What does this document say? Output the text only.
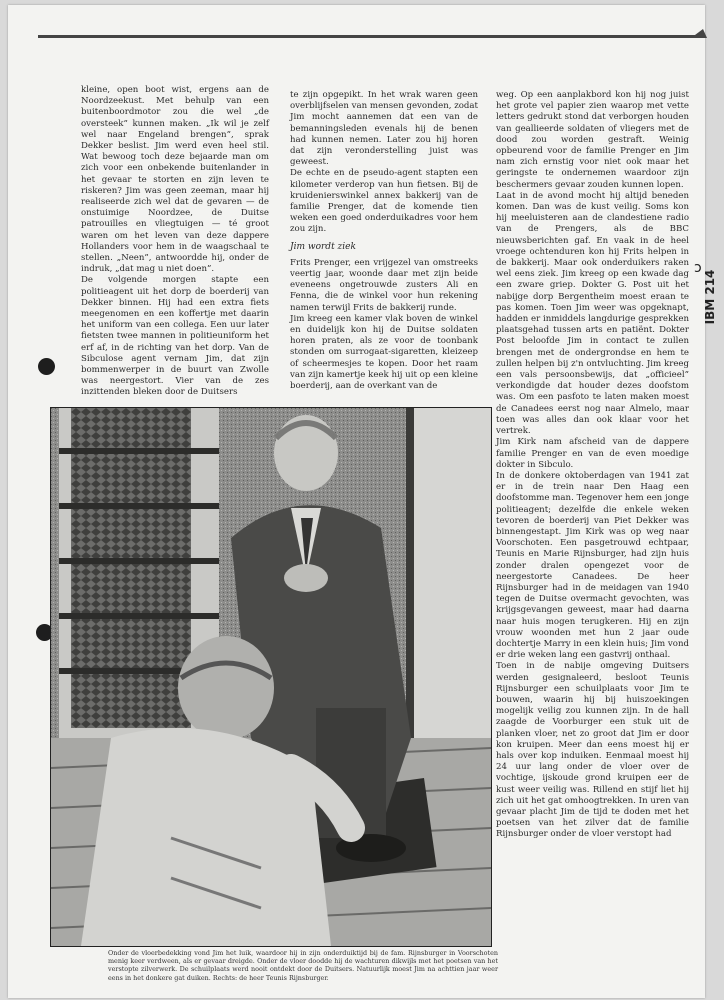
ↄ
IBM 214

kleine, open boot wist, ergens aan de Noordzeekust. Met behulp van een buitenboordmotor zou die wel „de oversteek” kunnen maken. „Ik wil je zelf wel naar Engeland brengen”, sprak Dekker beslist. Jim werd even heel stil. Wat bewoog toch deze bejaarde man om zich voor een onbekende buitenlander in het gevaar te storten en zijn leven te riskeren? Jim was geen zeeman, maar hij realiseerde zich wel dat de gevaren — de onstuimige Noordzee, de Duitse patrouilles en vliegtuigen — té groot waren om het leven van deze dappere Hollanders voor hem in de waagschaal te stellen. „Neen”, antwoordde hij, onder de indruk, „dat mag u niet doen”.
De volgende morgen stapte een politieagent uit het dorp de boerderij van Dekker binnen. Hij had een extra fiets meegenomen en een koffertje met daarin het uniform van een collega. Een uur later fietsten twee mannen in politieuniform het erf af, in de richting van het dorp. Van de Sibculose agent vernam Jim, dat zijn bommenwerper in de buurt van Zwolle was neergestort. Vier van de zes inzittenden bleken door de Duitsers

te zijn opgepikt. In het wrak waren geen overblijfselen van mensen gevonden, zodat Jim mocht aannemen dat een van de bemanningsleden evenals hij de benen had kunnen nemen. Later zou hij horen dat zijn veronderstelling juist was geweest.
De echte en de pseudo-agent stapten een kilometer verderop van hun fietsen. Bij de kruidenierswinkel annex bakkerij van de familie Prenger, dat de komende tien weken een goed onderduikadres voor hem zou zijn.

Jim wordt ziek

Frits Prenger, een vrijgezel van omstreeks veertig jaar, woonde daar met zijn beide eveneens ongetrouwde zusters Ali en Fenna, die de winkel voor hun rekening namen terwijl Frits de bakkerij runde.
Jim kreeg een kamer vlak boven de winkel en duidelijk kon hij de Duitse soldaten horen praten, als ze voor de toonbank stonden om surrogaat-sigaretten, kleizeep of scheermesjes te kopen. Door het raam van zijn kamertje keek hij uit op een kleine boerderij, aan de overkant van de

weg. Op een aanplakbord kon hij nog juist het grote vel papier zien waarop met vette letters gedrukt stond dat verborgen houden van geallieerde soldaten of vliegers met de dood zou worden gestraft. Weinig opbeurend voor de familie Prenger en Jim nam zich ernstig voor niet ook maar het geringste te ondernemen waardoor zijn beschermers gevaar zouden kunnen lopen.
Laat in de avond mocht hij altijd beneden komen. Dan was de kust veilig. Soms kon hij meeluisteren aan de clandestiene radio van de Prengers, als de BBC nieuwsberichten gaf. En vaak in de heel vroege ochtenduren kon hij Frits helpen in de bakkerij. Maar ook onderduikers raken wel eens ziek. Jim kreeg op een kwade dag een zware griep. Dokter G. Post uit het nabijge dorp Bergentheim moest eraan te pas komen. Toen Jim weer was opgeknapt, hadden er inmiddels langdurige gesprekken plaatsgehad tussen arts en patiënt. Dokter Post beloofde Jim in contact te zullen brengen met de ondergrondse en hem te zullen helpen bij z'n ontvluchting. Jim kreeg een vals persoonsbewijs, dat „officieel” verkondigde dat houder dezes doofstom was. Om een pasfoto te laten maken moest de Canadees eerst nog naar Almelo, maar toen was alles dan ook klaar voor het vertrek.
Jim Kirk nam afscheid van de dappere familie Prenger en van de even moedige dokter in Sibculo.
In de donkere oktoberdagen van 1941 zat er in de trein naar Den Haag een doofstomme man. Tegenover hem een jonge politieagent; dezelfde die enkele weken tevoren de boerderij van Piet Dekker was binnengestapt. Jim Kirk was op weg naar Voorschoten. Een pasgetrouwd echtpaar, Teunis en Marie Rijnsburger, had zijn huis zonder dralen opengezet voor de neergestorte Canadees. De heer Rijnsburger had in de meidagen van 1940 tegen de Duitse overmacht gevochten, was krijgsgevangen geweest, maar had daarna naar huis mogen terugkeren. Hij en zijn vrouw woonden met hun 2 jaar oude dochtertje Marry in een klein huis; Jim vond er drie weken lang een gastvrij onthaal.
Toen in de nabije omgeving Duitsers werden gesignaleerd, besloot Teunis Rijnsburger een schuilplaats voor Jim te bouwen, waarin hij bij huiszoekingen mogelijk veilig zou kunnen zijn. In de hall zaagde de Voorburger een stuk uit de planken vloer, net zo groot dat Jim er door kon kruipen. Meer dan eens moest hij er hals over kop induiken. Eenmaal moest hij 24 uur lang onder de vloer over de vochtige, ijskoude grond kruipen eer de kust weer veilig was. Rillend en stijf liet hij zich uit het gat omhoogtrekken. In uren van gevaar placht Jim de tijd te doden met het poetsen van het zilver dat de familie Rijnsburger onder de vloer verstopt had

Onder de vloerbedekking vond Jim het luik, waardoor hij in zijn onderduiktijd bij de fam. Rijnsburger in Voorschoten menig keer verdween, als er gevaar dreigde. Onder de vloer doodde hij de wachturen dikwijls met het poetsen van het verstopte zilverwerk. De schuilplaats werd nooit ontdekt door de Duitsers. Natuurlijk moest Jim na achttien jaar weer eens in het donkere gat duiken. Rechts: de heer Teunis Rijnsburger.
